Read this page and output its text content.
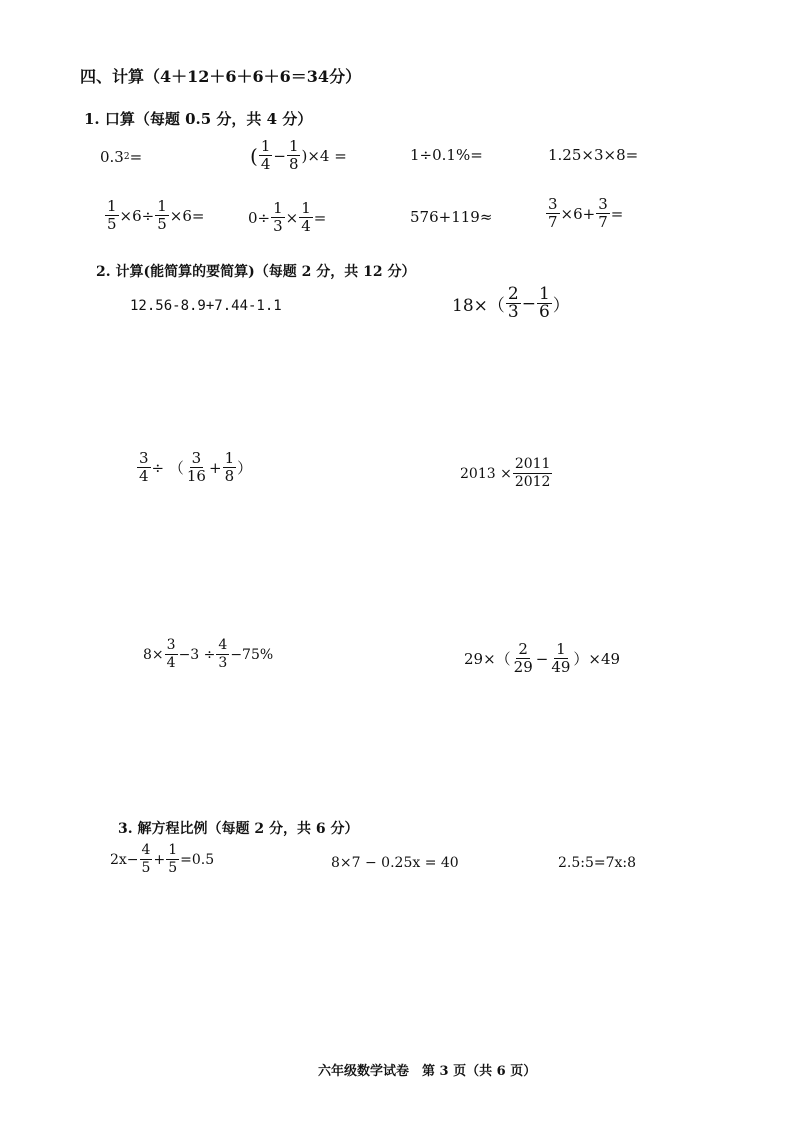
四、计算（4＋12＋6＋6＋6＝34分）
1. 口算（每题 0.5 分，共 4 分）
0.3 2 =	( $\frac{1}{4} - \frac{1}{8} )\times 4$ =	1÷0.1%=	1.25×3×8=
$\frac{1}{5} \times 6\div \frac{1}{5} \times 6=$	$0\div \frac{1}{3} \times \frac{1}{4}$ =	576+119≈	$\frac{3}{7} \times 6+ \frac{3}{7}$ =
2. 计算(能简算的要简算)（每题 2 分，共 12 分）
12.56-8.9+7.44-1.1	$18\times( \frac{2}{3} - \frac{1}{6}$ ）
$\frac{3}{4}$ ÷ （ $\frac{3}{16} + \frac{1}{8}$ ）	$2013 \times \frac{2011}{2012}$
$8\times \frac{3}{4} -3 \div \frac{4}{3} -75\%$	$29\times( \frac{2}{29} - \frac{1}{49} )\times 49$
3. 解方程比例（每题 2 分，共 6 分）
$2x- \frac{4}{5} + \frac{1}{5} =0.5$	8×7 − 0.25x = 40	2.5:5=7x:8
六年级数学试卷　第 3 页（共 6 页）
